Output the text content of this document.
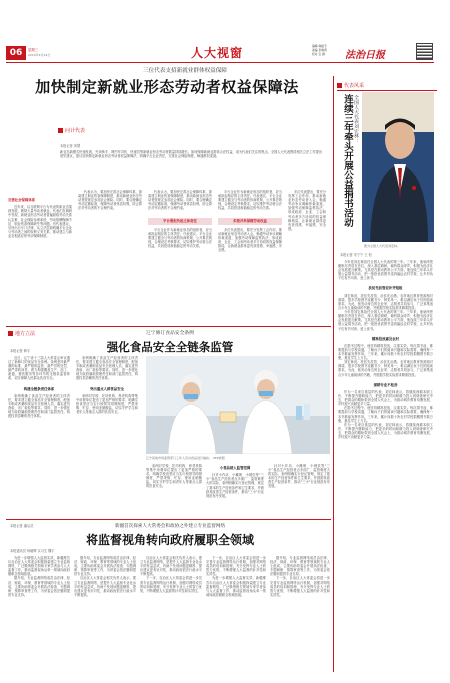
06	星期三
2019年4月24日	人大视窗	编辑 韩振宇
美编 李晓莉
校对 宝 拂	法治日报
三位代表支招新就业群体权益保障
加快制定新就业形态劳动者权益保障法
问计代表
本报记者 刘慧
新业态新模式快速发展，外卖骑手、网约车司机、快递员等新就业形态劳动者数量持续增长。如何保障新就业群体合法权益，成为代表们关注的焦点。全国人大代表围绕相关立法工作提出意见建议，建议加快制定新就业形态劳动者权益保障法，明确平台企业责任，完善社会保险制度，畅通维权渠道。
完善社会保障体系

近年来，以互联网平台为代表的新业态蓬勃发展，吸纳大量劳动者就业。代表们在调研中发现，新就业形态劳动者普遍面临劳动关系认定难、社会保险参保率低、劳动报酬保障不足、职业伤害保障缺失等问题。有代表建议，尽快出台专门法律，从立法层面明确平台企业与劳动者之间的权利义务关系，推动建立与新业态相适应的劳动保障制度。

代表认为，要加快完善社会保障体系，探索建立职业伤害保障制度，推动新就业形态劳动者按规定参加社会保险。同时，要合理确定劳动定额标准，保障劳动者休息权利，防止算法对劳动者的不合理约束。

代表认为，要加快完善社会保障体系，探索建立职业伤害保障制度，推动新就业形态劳动者按规定参加社会保险。同时，要合理确定劳动定额标准，保障劳动者休息权利，防止算法对劳动者的不合理约束。

平台要担负起主体责任

平台企业作为新就业形态的组织者，应当承担起相应的主体责任。代表建议，平台企业要建立健全与劳动者的协商机制，公开算法规则，合理设定考核要求，切实维护劳动者合法权益，共同营造和谐稳定的劳动关系。

平台企业作为新就业形态的组织者，应当承担起相应的主体责任。代表建议，平台企业要建立健全与劳动者的协商机制，公开算法规则，合理设定考核要求，切实维护劳动者合法权益，共同营造和谐稳定的劳动关系。

多措并举保障劳动权益

多位代表提出，要充分发挥工会作用，推动新就业形态劳动者入会，畅通劳动争议调解仲裁渠道，加强劳动保障监察执法，形成政府、企业、工会和劳动者多方协同的权益保障格局，让新就业群体更有获得感、幸福感、安全感。

多位代表提出，要充分发挥工会作用，推动新就业形态劳动者入会，畅通劳动争议调解仲裁渠道，加强劳动保障监察执法，形成政府、企业、工会和劳动者多方协同的权益保障格局，让新就业群体更有获得感、幸福感、安全感。

代表风采
全国人大代表刘宏林：
连续三年牵头开展公益捐书活动
图为全国人大代表刘宏林。
本报记者 朱宁宁 王 恒

今年是刘宏林担任全国人大代表的第三年。三年来，他始终把履职尽责放在首位，深入基层调研，倾听群众呼声，积极为经济社会发展建言献策。尤其是在推动教育公平方面，他连续三年牵头开展公益捐书活动，把一批批优质图书送到偏远农村学校，让乡村孩子们有书可读、爱上读书。

扶贫先扶智应补齐短板

刘宏林说，扶贫先扶智，治贫先治愚。农村地区教育资源相对薄弱，很多学校图书室藏书少、种类单一，难以满足孩子们的阅读需求。为此，他发动身边的企业家、志愿者共同参与，广泛募集适合少年儿童阅读的书籍，并根据学校实际需求精准投放。

今年是刘宏林担任全国人大代表的第三年。三年来，他始终把履职尽责放在首位，深入基层调研，倾听群众呼声，积极为经济社会发展建言献策。尤其是在推动教育公平方面，他连续三年牵头开展公益捐书活动，把一批批优质图书送到偏远农村学校，让乡村孩子们有书可读、爱上读书。

精准投放惠及农村

在捐书过程中，他坚持精准投放，注重实效。每次捐书前，都要提前与学校沟通，了解孩子们的阅读兴趣和实际需要，确保每一本书都能发挥作用。三年来，累计向数十所农村学校捐赠图书数万册，惠及学生上万名。

刘宏林说，扶贫先扶智，治贫先治愚。农村地区教育资源相对薄弱，很多学校图书室藏书少、种类单一，难以满足孩子们的阅读需求。为此，他发动身边的企业家、志愿者共同参与，广泛募集适合少年儿童阅读的书籍，并根据学校实际需求精准投放。

深耕专业不松劲

作为一名来自基层的代表，刘宏林表示，将继续深耕本职工作，不断提升履职能力，把更多的时间和精力投入到调查研究中去，把群众的期盼带到全国人代会上，为推动城乡教育均衡发展、乡村振兴贡献更多力量。

在捐书过程中，他坚持精准投放，注重实效。每次捐书前，都要提前与学校沟通，了解孩子们的阅读兴趣和实际需要，确保每一本书都能发挥作用。三年来，累计向数十所农村学校捐赠图书数万册，惠及学生上万名。

作为一名来自基层的代表，刘宏林表示，将继续深耕本职工作，不断提升履职能力，把更多的时间和精力投入到调查研究中去，把群众的期盼带到全国人代会上，为推动城乡教育均衡发展、乡村振兴贡献更多力量。

地方立法	辽宁修订食品安全条例
强化食品安全全链条监管
本报记者 韩宇

近日，辽宁省十三届人大常委会审议通过了新修订的食品安全条例。条例坚持最严谨的标准、最严格的监管、最严厉的处罚、最严肃的问责，着力构建覆盖生产、加工、流通、餐饮服务等各环节的全链条监管体系，切实保障人民群众饮食安全。

构建全链条责任体系

条例明确了食品生产经营者的主体责任，要求建立健全食品安全管理制度，配备专职或者兼职食品安全管理人员，落实进货查验、出厂检验等要求。同时，进一步强化地方政府属地管理责任和部门监管责任，构建权责清晰的责任体系。

条例明确了食品生产经营者的主体责任，要求建立健全食品安全管理制度，配备专职或者兼职食品安全管理人员，落实进货查验、出厂检验等要求。同时，进一步强化地方政府属地管理责任和部门监管责任，构建权责清晰的责任体系。

突出重点人群食品安全

条例对学校、托幼机构、养老机构等集中用餐单位提出了更加严格的要求，明确学校食堂应当实行校领导陪餐制度，严禁采购、贮存、使用亚硝酸盐，切实守护学生和老年人等重点人群的饮食安全。

辽宁某地市场监管部门工作人员对食品进行抽检。 CFP供图

条例对学校、托幼机构、养老机构等集中用餐单位提出了更加严格的要求，明确学校食堂应当实行校领导陪餐制度，严禁采购、贮存、使用亚硝酸盐，切实守护学生和老年人等重点人群的饮食安全。

小食品纳入监管范围

针对小作坊、小摊贩、小餐饮等“三小”食品生产经营者点多面广、监管难度大的实际，条例明确实行登记管理，规定了基本的生产经营条件和卫生要求，并鼓励其改善生产经营条件，推动“三小”行业规范有序发展。

针对小作坊、小摊贩、小餐饮等“三小”食品生产经营者点多面广、监管难度大的实际，条例明确实行登记管理，规定了基本的生产经营条件和卫生要求，并鼓励其改善生产经营条件，推动“三小”行业规范有序发展。

新疆首次探索人大常委会和政协之外建立专业监督网络
将监督视角转向政府履职全领域
本报记者 潘从武
本报通讯员 杨朝辉 实习生 魏宇

为进一步增强人大监督实效，新疆维吾尔自治区人大常委会积极探索建立专业监督网络，广泛吸纳相关领域专家学者参与人大监督工作，推动监督视角从单一领域向政府履职全领域拓展。

据介绍，专业监督网络成员由法律、经济、财政、环保、教育等领域的专业人士组成，主要协助常委会开展执法检查、专题调研、预算审查等工作，为常委会依法履职提供专业支持。

据介绍，专业监督网络成员由法律、经济、财政、环保、教育等领域的专业人士组成，主要协助常委会开展执法检查、专题调研、预算审查等工作，为常委会依法履职提供专业支持。

自治区人大常委会相关负责人表示，建立专业监督网络，是提升人大监督专业化水平的有益尝试，有助于发现问题更精准、提出建议更有针对性，推动政府依法行政水平不断提高。

自治区人大常委会相关负责人表示，建立专业监督网络，是提升人大监督专业化水平的有益尝试，有助于发现问题更精准、提出建议更有针对性，推动政府依法行政水平不断提高。

下一步，自治区人大常委会将进一步完善专业监督网络运行机制，加强对网络成员的培训和管理，充分发挥专业人士的智力优势，不断增强人大监督的针对性和实效性。

下一步，自治区人大常委会将进一步完善专业监督网络运行机制，加强对网络成员的培训和管理，充分发挥专业人士的智力优势，不断增强人大监督的针对性和实效性。

为进一步增强人大监督实效，新疆维吾尔自治区人大常委会积极探索建立专业监督网络，广泛吸纳相关领域专家学者参与人大监督工作，推动监督视角从单一领域向政府履职全领域拓展。

据介绍，专业监督网络成员由法律、经济、财政、环保、教育等领域的专业人士组成，主要协助常委会开展执法检查、专题调研、预算审查等工作，为常委会依法履职提供专业支持。

下一步，自治区人大常委会将进一步完善专业监督网络运行机制，加强对网络成员的培训和管理，充分发挥专业人士的智力优势，不断增强人大监督的针对性和实效性。
